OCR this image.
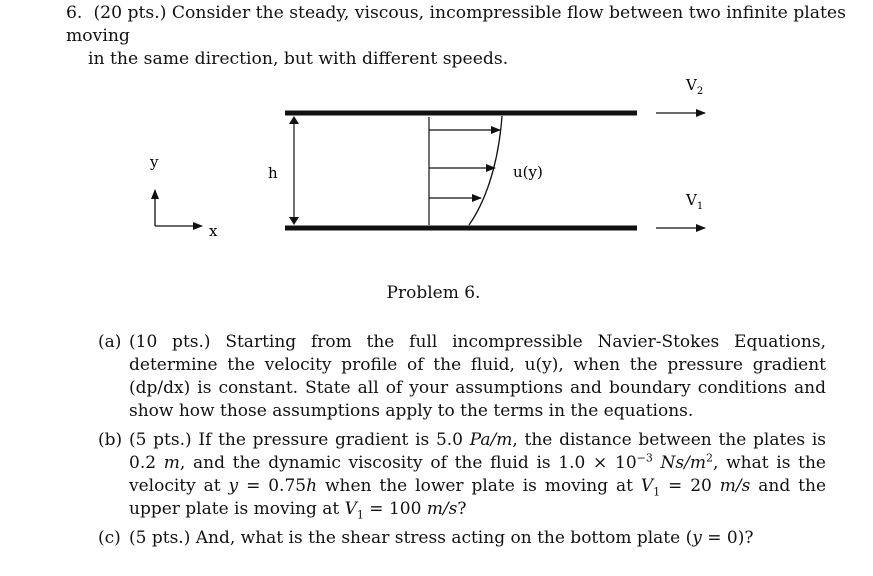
6. (20 pts.) Consider the steady, viscous, incompressible flow between two infinite plates moving
in the same direction, but with different speeds.
$V_2$
$V_1$
y
x
h	u(y)
Problem 6.
(a) (10 pts.) Starting from the full incompressible Navier-Stokes Equations, determine the velocity profile of the fluid, u(y), when the pressure gradient (dp/dx) is constant. State all of your assumptions and boundary conditions and show how those assumptions apply to the terms in the equations.
(b) (5 pts.) If the pressure gradient is 5.0 Pa/m, the distance between the plates is 0.2 m, and the dynamic viscosity of the fluid is $1.0 \times 10^{-3}$ $Ns/m^2$, what is the velocity at y = 0.75h when the lower plate is moving at $V_1 = 20$ m/s and the upper plate is moving at $V_1 = 100$ m/s?
(c) (5 pts.) And, what is the shear stress acting on the bottom plate (y = 0)?
